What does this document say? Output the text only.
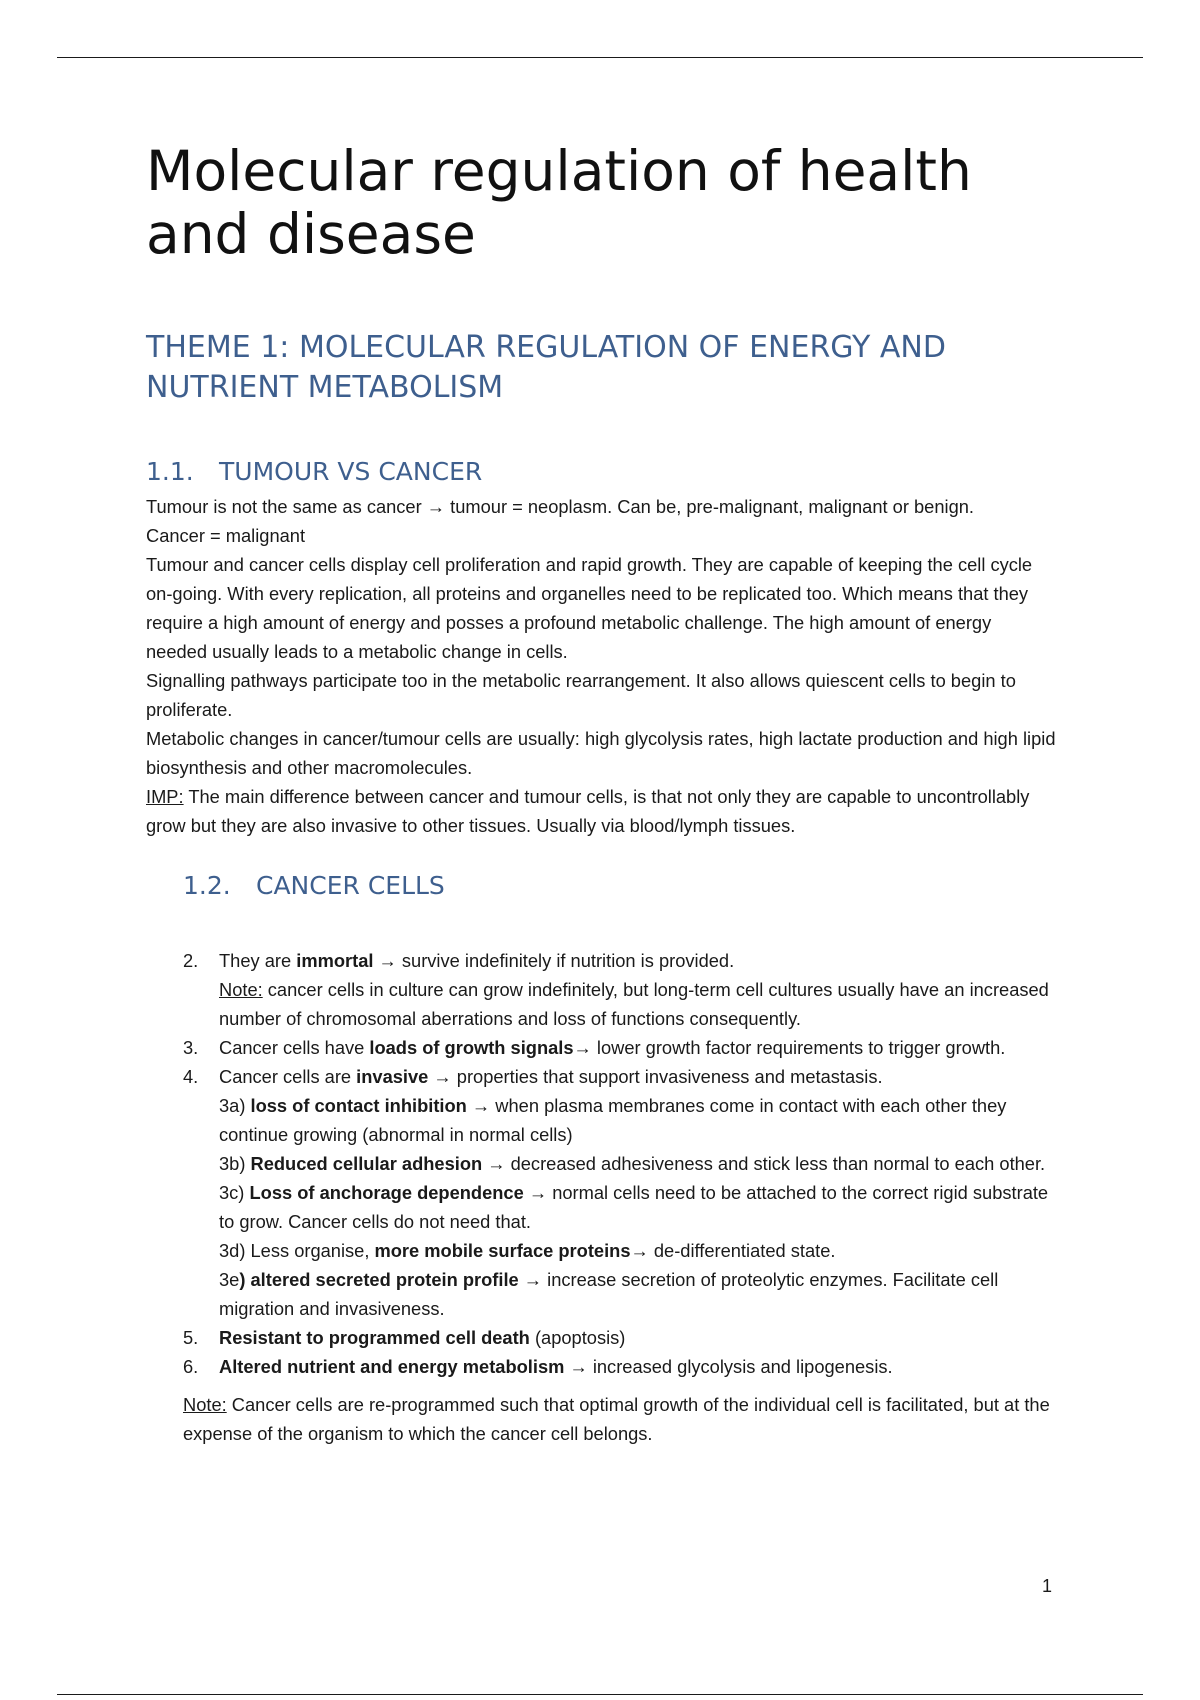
Molecular regulation of health and disease
THEME 1: MOLECULAR REGULATION OF ENERGY AND NUTRIENT METABOLISM
1.1. TUMOUR VS CANCER

Tumour is not the same as cancer → tumour = neoplasm. Can be, pre-malignant, malignant or benign.

Cancer = malignant

Tumour and cancer cells display cell proliferation and rapid growth. They are capable of keeping the cell cycle on-going. With every replication, all proteins and organelles need to be replicated too. Which means that they require a high amount of energy and posses a profound metabolic challenge. The high amount of energy needed usually leads to a metabolic change in cells.

Signalling pathways participate too in the metabolic rearrangement. It also allows quiescent cells to begin to proliferate.

Metabolic changes in cancer/tumour cells are usually: high glycolysis rates, high lactate production and high lipid biosynthesis and other macromolecules.

IMP: The main difference between cancer and tumour cells, is that not only they are capable to uncontrollably grow but they are also invasive to other tissues. Usually via blood/lymph tissues.

1.2. CANCER CELLS
2. They are immortal → survive indefinitely if nutrition is provided.
Note: cancer cells in culture can grow indefinitely, but long-term cell cultures usually have an increased number of chromosomal aberrations and loss of functions consequently.
3. Cancer cells have loads of growth signals→ lower growth factor requirements to trigger growth.
4. Cancer cells are invasive → properties that support invasiveness and metastasis.
3a) loss of contact inhibition → when plasma membranes come in contact with each other they continue growing (abnormal in normal cells)
3b) Reduced cellular adhesion → decreased adhesiveness and stick less than normal to each other.
3c) Loss of anchorage dependence → normal cells need to be attached to the correct rigid substrate to grow. Cancer cells do not need that.
3d) Less organise, more mobile surface proteins→ de-differentiated state.
3e) altered secreted protein profile → increase secretion of proteolytic enzymes. Facilitate cell migration and invasiveness.
5. Resistant to programmed cell death (apoptosis)
6. Altered nutrient and energy metabolism → increased glycolysis and lipogenesis.

Note: Cancer cells are re-programmed such that optimal growth of the individual cell is facilitated, but at the expense of the organism to which the cancer cell belongs.

1
